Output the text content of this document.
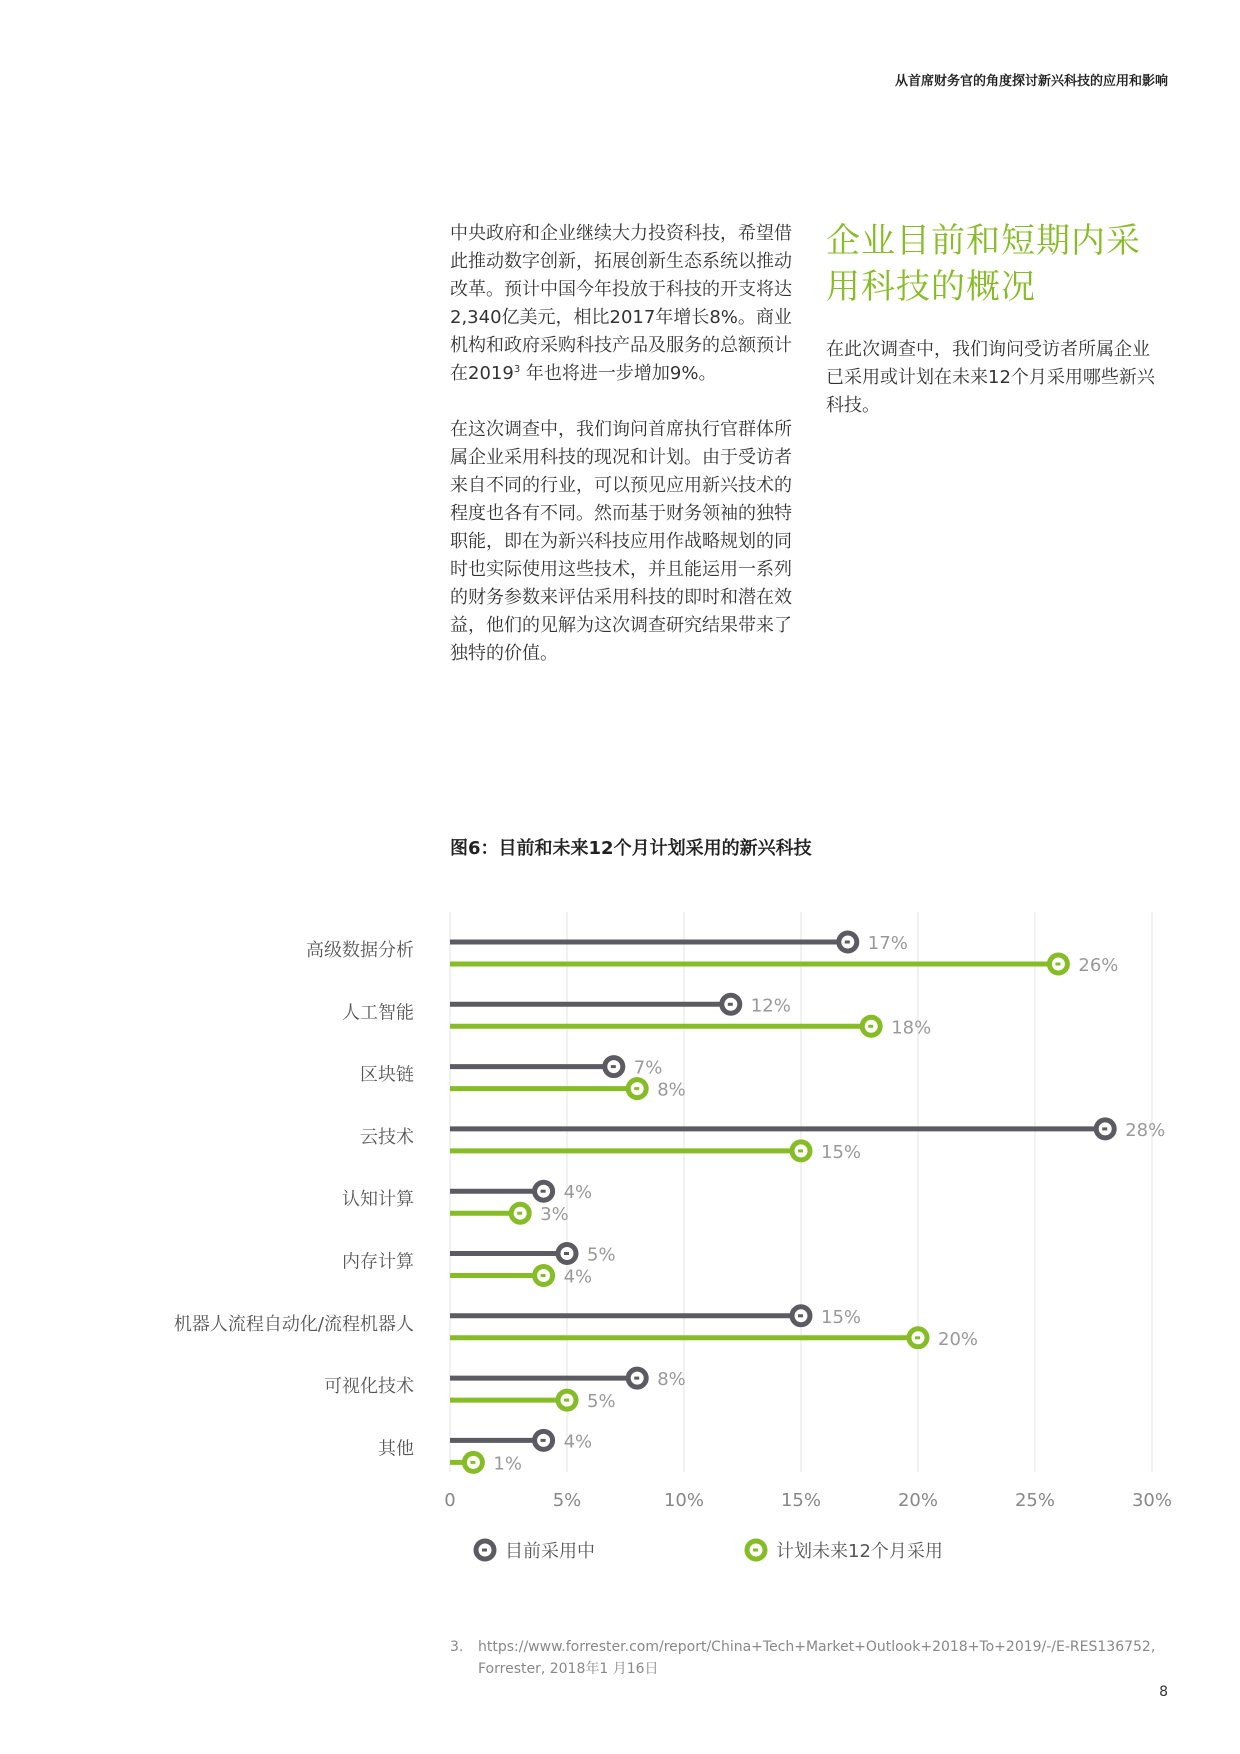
从首席财务官的角度探讨新兴科技的应用和影响

中央政府和企业继续大力投资科技，希望借此推动数字创新，拓展创新生态系统以推动改革。预计中国今年投放于科技的开支将达2,340亿美元，相比2017年增长8%。商业机构和政府采购科技产品及服务的总额预计在2019$^3$ 年也将进一步增加9%。

在这次调查中，我们询问首席执行官群体所属企业采用科技的现况和计划。由于受访者来自不同的行业，可以预见应用新兴技术的程度也各有不同。然而基于财务领袖的独特职能，即在为新兴科技应用作战略规划的同时也实际使用这些技术，并且能运用一系列的财务参数来评估采用科技的即时和潜在效益，他们的见解为这次调查研究结果带来了独特的价值。

企业目前和短期内采用科技的概况

在此次调查中，我们询问受访者所属企业已采用或计划在未来12个月采用哪些新兴科技。

图6：目前和未来12个月计划采用的新兴科技
0	5%	10%	15%	20%	25%	30%
高级数据分析	17%
26%
人工智能	12%
18%
区块链	7%
8%
云技术	28%
15%
认知计算	4%
3%
内存计算	5%
4%
机器人流程自动化/流程机器人	15%
20%
可视化技术	8%
5%
其他	4%
1%
目前采用中	计划未来12个月采用
3. https://www.forrester.com/report/China+Tech+Market+Outlook+2018+To+2019/-/E-RES136752,
Forrester, 2018年1 月16日
8
